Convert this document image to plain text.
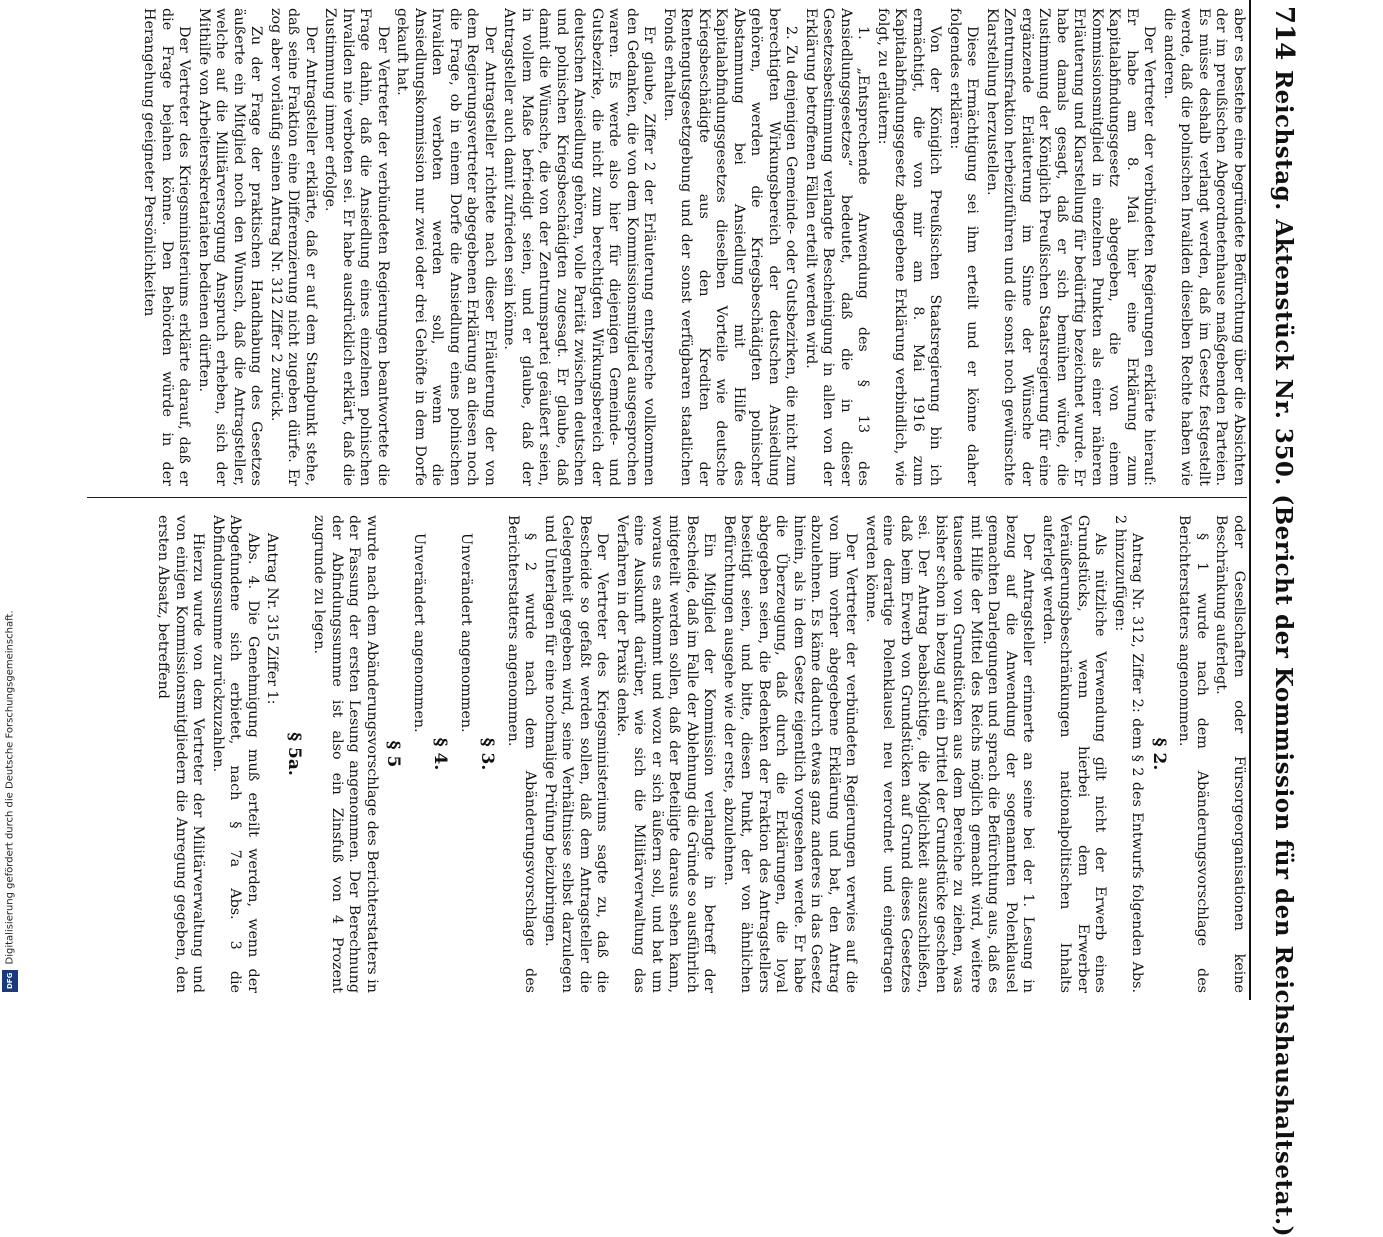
Digitalisierung gefördert durch die Deutsche Forschungsgemeinschaft.
DFG
714
Reichstag. Aktenstück Nr. 350. (Bericht der Kommission für den Reichshaushaltsetat.)
aber es bestehe eine begründete Befürchtung über die Absichten der im preußischen Abgeordnetenhause maßgebenden Parteien. Es müsse deshalb verlangt werden, daß im Gesetz festgestellt werde, daß die polnischen Invaliden dieselben Rechte haben wie die anderen.
Der Vertreter der verbündeten Regierungen erklärte hierauf: Er habe am 8. Mai hier eine Erklärung zum Kapitalabfindungsgesetz abgegeben, die von einem Kommissionsmitglied in einzelnen Punkten als einer näheren Erläuterung und Klarstellung für bedürftig bezeichnet wurde. Er habe damals gesagt, daß er sich bemühen würde, die Zustimmung der Königlich Preußischen Staatsregierung für eine ergänzende Erläuterung im Sinne der Wünsche der Zentrumsfraktion herbeizuführen und die sonst noch gewünschte Klarstellung herzustellen.
Diese Ermächtigung sei ihm erteilt und er könne daher folgendes erklären:
Von der Königlich Preußischen Staatsregierung bin ich ermächtigt, die von mir am 8. Mai 1916 zum Kapitalabfindungsgesetz abgegebene Erklärung verbindlich, wie folgt, zu erläutern:
1. „Entsprechende Anwendung des § 13 des Ansiedlungsgesetzes“ bedeutet, daß die in dieser Gesetzesbestimmung verlangte Bescheinigung in allen von der Erklärung betroffenen Fällen erteilt werden wird.
2. Zu denjenigen Gemeinde- oder Gutsbezirken, die nicht zum berechtigten Wirkungsbereich der deutschen Ansiedlung gehören, werden die Kriegsbeschädigten polnischer Abstammung bei Ansiedlung mit Hilfe des Kapitalabfindungsgesetzes dieselben Vorteile wie deutsche Kriegsbeschädigte aus den Krediten der Rentengutsgesetzgebung und der sonst verfügbaren staatlichen Fonds erhalten.
Er glaube, Ziffer 2 der Erläuterung entspreche vollkommen den Gedanken, die von dem Kommissionsmitglied ausgesprochen waren. Es werde also hier für diejenigen Gemeinde- und Gutsbezirke, die nicht zum berechtigten Wirkungsbereich der deutschen Ansiedlung gehören, volle Parität zwischen deutschen und polnischen Kriegsbeschädigten zugesagt. Er glaube, daß damit die Wünsche, die von der Zentrumspartei geäußert seien, in vollem Maße befriedigt seien, und er glaube, daß der Antragsteller auch damit zufrieden sein könne.
Der Antragsteller richtete nach dieser Erläuterung der von dem Regierungsvertreter abgegebenen Erklärung an diesen noch die Frage, ob in einem Dorfe die Ansiedlung eines polnischen Invaliden verboten werden soll, wenn die Ansiedlungskommission nur zwei oder drei Gehöfte in dem Dorfe gekauft hat.
Der Vertreter der verbündeten Regierungen beantwortete die Frage dahin, daß die Ansiedlung eines einzelnen polnischen Invaliden nie verboten sei. Er habe ausdrücklich erklärt, daß die Zustimmung immer erfolge.
Der Antragsteller erklärte, daß er auf dem Standpunkt stehe, daß seine Fraktion eine Differenzierung nicht zugeben dürfe. Er zog aber vorläufig seinen Antrag Nr. 312 Ziffer 2 zurück.
Zu der Frage der praktischen Handhabung des Gesetzes äußerte ein Mitglied noch den Wunsch, daß die Antragsteller, welche auf die Militärversorgung Anspruch erheben, sich der Mithilfe von Arbeitersekretariaten bedienen dürften.
Der Vertreter des Kriegsministeriums erklärte darauf, daß er die Frage bejahen könne. Den Behörden würde in der Herangehung geeigneter Persönlichkeiten
oder Gesellschaften oder Fürsorgeorganisationen keine Beschränkung auferlegt.
§ 1 wurde nach dem Abänderungsvorschlage des Berichterstatters angenommen.
§ 2.
Antrag Nr. 312, Ziffer 2: dem § 2 des Entwurfs folgenden Abs. 2 hinzuzufügen:
Als nützliche Verwendung gilt nicht der Erwerb eines Grundstücks, wenn hierbei dem Erwerber Veräußerungsbeschränkungen nationalpolitischen Inhalts auferlegt werden.
Der Antragsteller erinnerte an seine bei der 1. Lesung in bezug auf die Anwendung der sogenannten Polenklausel gemachten Darlegungen und sprach die Befürchtung aus, daß es mit Hilfe der Mittel des Reichs möglich gemacht wird, weitere tausende von Grundstücken aus dem Bereiche zu ziehen, was bisher schon in bezug auf ein Drittel der Grundstücke geschehen sei. Der Antrag beabsichtige, die Möglichkeit auszuschließen, daß beim Erwerb von Grundstücken auf Grund dieses Gesetzes eine derartige Polenklausel neu verordnet und eingetragen werden könne.
Der Vertreter der verbündeten Regierungen verwies auf die von ihm vorher abgegebene Erklärung und bat, den Antrag abzulehnen. Es käme dadurch etwas ganz anderes in das Gesetz hinein, als in dem Gesetz eigentlich vorgesehen werde. Er habe die Überzeugung, daß durch die Erklärungen, die loyal abgegeben seien, die Bedenken der Fraktion des Antragstellers beseitigt seien, und bitte, diesen Punkt, der von ähnlichen Befürchtungen ausgehe wie der erste, abzulehnen.
Ein Mitglied der Kommission verlangte in betreff der Bescheide, daß im Falle der Ablehnung die Gründe so ausführlich mitgeteilt werden sollen, daß der Beteiligte daraus sehen kann, woraus es ankommt und wozu er sich äußern soll, und bat um eine Auskunft darüber, wie sich die Militärverwaltung das Verfahren in der Praxis denke.
Der Vertreter des Kriegsministeriums sagte zu, daß die Bescheide so gefaßt werden sollen, daß dem Antragsteller die Gelegenheit gegeben wird, seine Verhältnisse selbst darzulegen und Unterlagen für eine nochmalige Prüfung beizubringen.
§ 2 wurde nach dem Abänderungsvorschlage des Berichterstatters angenommen.
§ 3.
Unverändert angenommen.
§ 4.
Unverändert angenommen.
§ 5
wurde nach dem Abänderungsvorschlage des Berichterstatters in der Fassung der ersten Lesung angenommen. Der Berechnung der Abfindungssumme ist also ein Zinsfuß von 4 Prozent zugrunde zu legen.
§ 5a.
Antrag Nr. 315 Ziffer 1:
Abs. 4. Die Genehmigung muß erteilt werden, wenn der Abgefundene sich erbietet, nach § 7a Abs. 3 die Abfindungssumme zurückzuzahlen.
Hierzu wurde von dem Vertreter der Militärverwaltung und von einigen Kommissionsmitgliedern die Anregung gegeben, den ersten Absatz, betreffend
